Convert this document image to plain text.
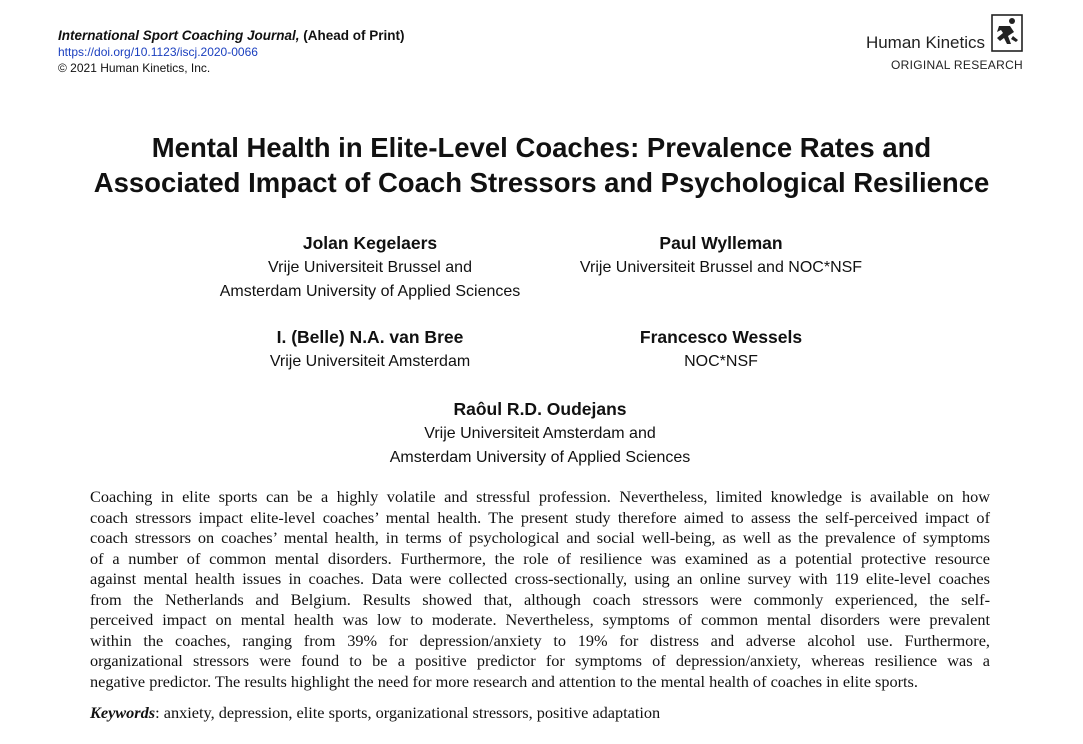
International Sport Coaching Journal, (Ahead of Print)
https://doi.org/10.1123/iscj.2020-0066
© 2021 Human Kinetics, Inc.
Human Kinetics
ORIGINAL RESEARCH
Mental Health in Elite-Level Coaches: Prevalence Rates and
Associated Impact of Coach Stressors and Psychological Resilience
Jolan Kegelaers
Vrije Universiteit Brussel and
Amsterdam University of Applied Sciences
Paul Wylleman
Vrije Universiteit Brussel and NOC*NSF
I. (Belle) N.A. van Bree
Vrije Universiteit Amsterdam
Francesco Wessels
NOC*NSF
Raôul R.D. Oudejans
Vrije Universiteit Amsterdam and
Amsterdam University of Applied Sciences
Coaching in elite sports can be a highly volatile and stressful profession. Nevertheless, limited knowledge is available on how
coach stressors impact elite-level coaches’ mental health. The present study therefore aimed to assess the self-perceived impact of
coach stressors on coaches’ mental health, in terms of psychological and social well-being, as well as the prevalence of symptoms
of a number of common mental disorders. Furthermore, the role of resilience was examined as a potential protective resource
against mental health issues in coaches. Data were collected cross-sectionally, using an online survey with 119 elite-level coaches
from the Netherlands and Belgium. Results showed that, although coach stressors were commonly experienced, the self-
perceived impact on mental health was low to moderate. Nevertheless, symptoms of common mental disorders were prevalent
within the coaches, ranging from 39% for depression/anxiety to 19% for distress and adverse alcohol use. Furthermore,
organizational stressors were found to be a positive predictor for symptoms of depression/anxiety, whereas resilience was a
negative predictor. The results highlight the need for more research and attention to the mental health of coaches in elite sports.
Keywords: anxiety, depression, elite sports, organizational stressors, positive adaptation
